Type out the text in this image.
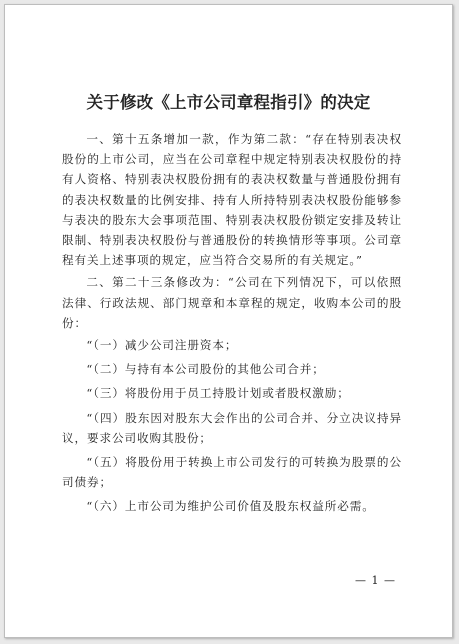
关于修改《上市公司章程指引》的决定

一、第十五条增加一款，作为第二款：“存在特别表决权股份的上市公司，应当在公司章程中规定特别表决权股份的持有人资格、特别表决权股份拥有的表决权数量与普通股份拥有的表决权数量的比例安排、持有人所持特别表决权股份能够参与表决的股东大会事项范围、特别表决权股份锁定安排及转让限制、特别表决权股份与普通股份的转换情形等事项。公司章程有关上述事项的规定，应当符合交易所的有关规定。”

二、第二十三条修改为：“公司在下列情况下，可以依照法律、行政法规、部门规章和本章程的规定，收购本公司的股份：

“（一）减少公司注册资本；

“（二）与持有本公司股份的其他公司合并；

“（三）将股份用于员工持股计划或者股权激励；

“（四）股东因对股东大会作出的公司合并、分立决议持异议，要求公司收购其股份；

“（五）将股份用于转换上市公司发行的可转换为股票的公司债券；

“（六）上市公司为维护公司价值及股东权益所必需。

— 1 —
